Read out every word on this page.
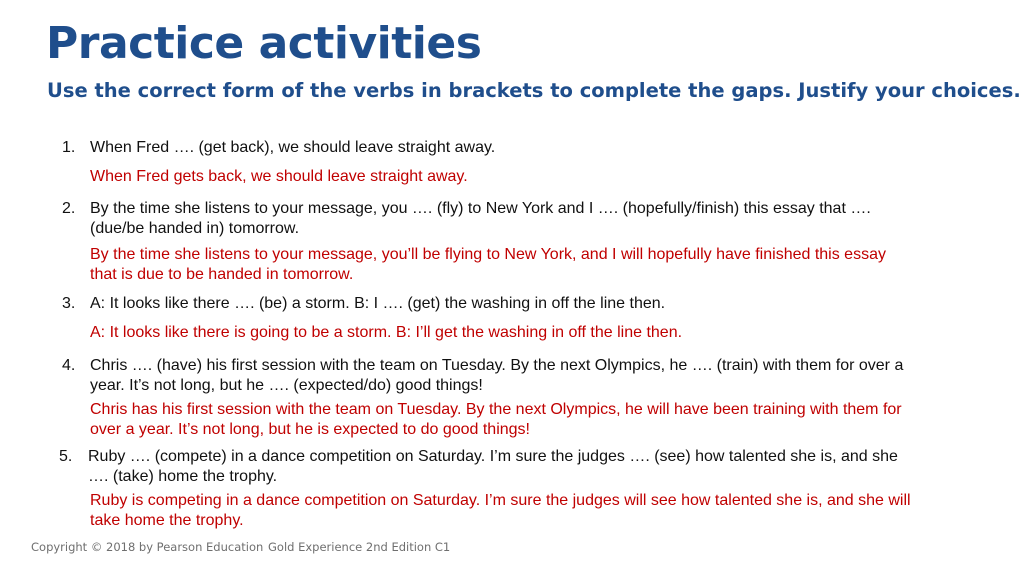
Practice activities
Use the correct form of the verbs in brackets to complete the gaps. Justify your choices.
1. When Fred …. (get back), we should leave straight away.
When Fred gets back, we should leave straight away.
2. By the time she listens to your message, you …. (fly) to New York and I …. (hopefully/finish) this essay that ….
(due/be handed in) tomorrow.
By the time she listens to your message, you’ll be flying to New York, and I will hopefully have finished this essay
that is due to be handed in tomorrow.
3. A: It looks like there …. (be) a storm. B: I …. (get) the washing in off the line then.
A: It looks like there is going to be a storm. B: I’ll get the washing in off the line then.
4. Chris …. (have) his first session with the team on Tuesday. By the next Olympics, he …. (train) with them for over a
year. It’s not long, but he …. (expected/do) good things!
Chris has his first session with the team on Tuesday. By the next Olympics, he will have been training with them for
over a year. It’s not long, but he is expected to do good things!
5. Ruby …. (compete) in a dance competition on Saturday. I’m sure the judges …. (see) how talented she is, and she
…. (take) home the trophy.
Ruby is competing in a dance competition on Saturday. I’m sure the judges will see how talented she is, and she will
take home the trophy.
Copyright © 2018 by Pearson Education Gold Experience 2nd Edition C1
